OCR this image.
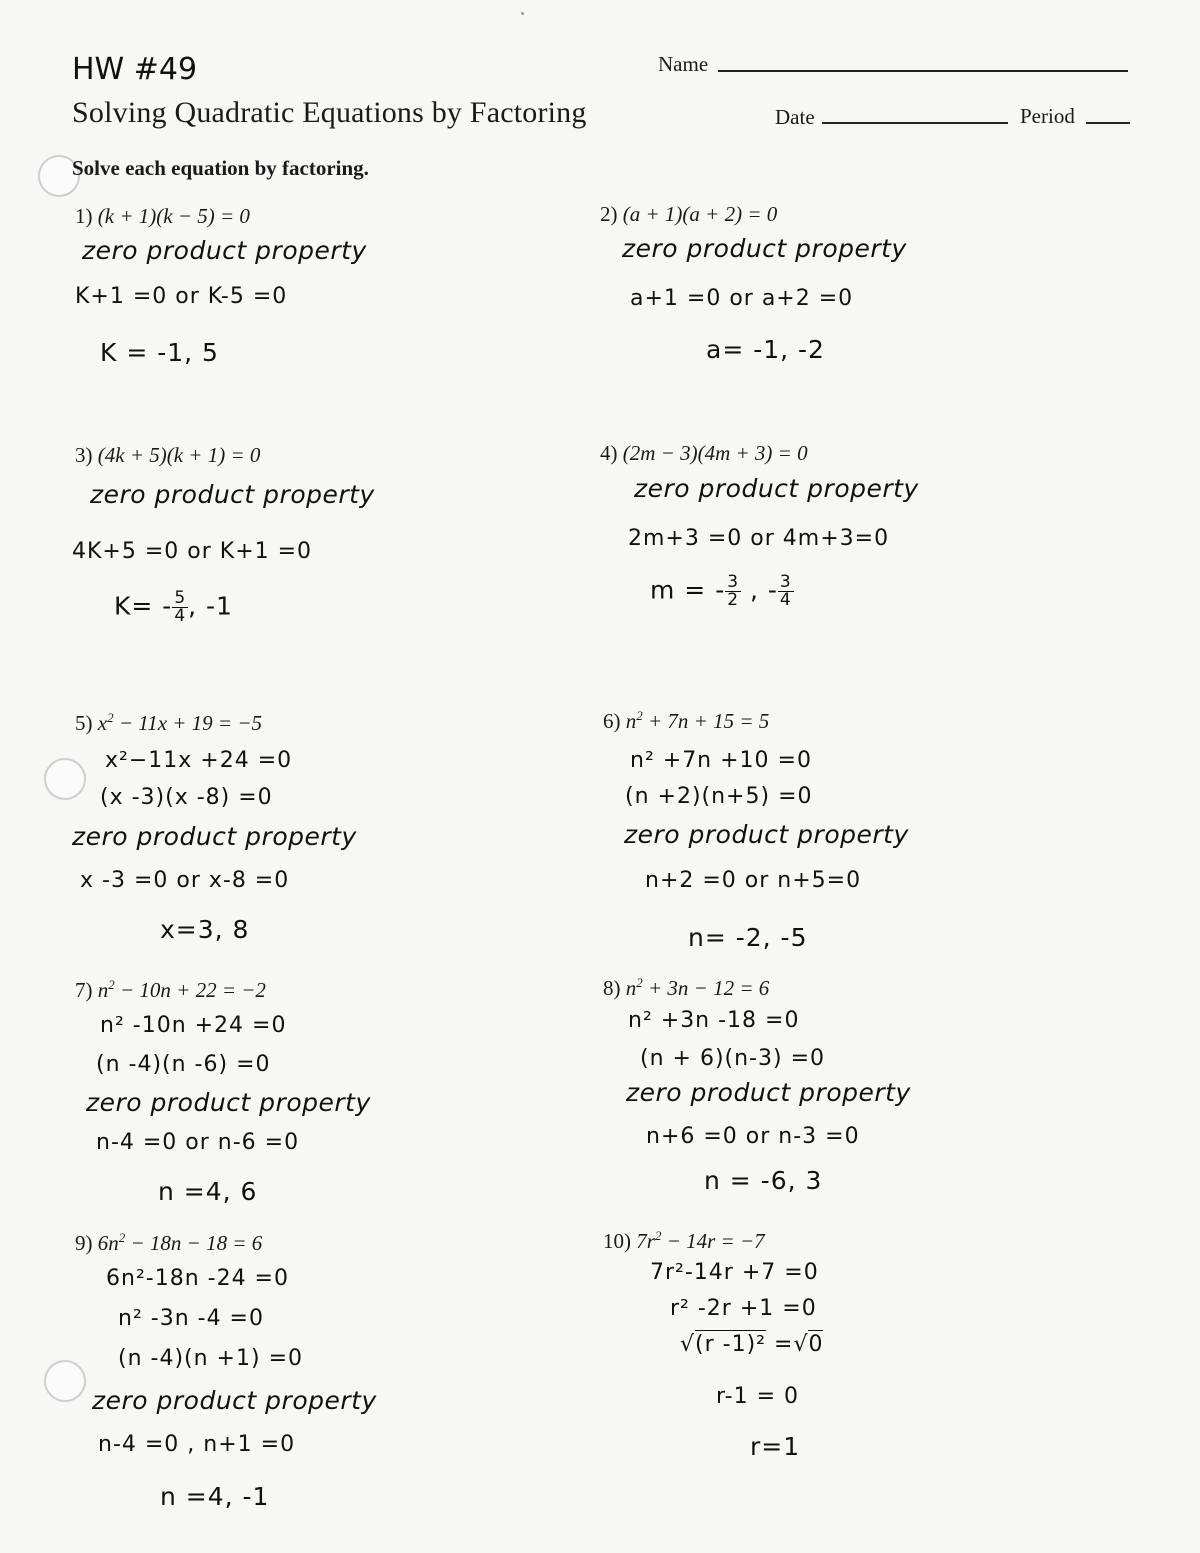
HW #49
Solving Quadratic Equations by Factoring
Name
Date	Period
Solve each equation by factoring.
1) (k + 1)(k − 5) = 0
zero product property
K+1 =0 or K-5 =0
K = -1, 5
2) (a + 1)(a + 2) = 0
zero product property
a+1 =0 or a+2 =0
a= -1, -2
3) (4k + 5)(k + 1) = 0
zero product property
4K+5 =0 or K+1 =0
$K= - \frac{5}{4}$ , -1
4) (2m − 3)(4m + 3) = 0
zero product property
2m+3 =0 or 4m+3=0
m = - $\frac{3}{2}$ , - $\frac{3}{4}$
5) $x^2 - 11x + 19 = -5$
x²−11x +24 =0
(x -3)(x -8) =0
zero product property
x -3 =0 or x-8 =0
x=3, 8
6) $n^2 + 7n + 15 = 5$
n² +7n +10 =0
(n +2)(n+5) =0
zero product property
n+2 =0 or n+5=0
n= -2, -5
7) $n^2 - 10n + 22 = -2$
n² -10n +24 =0
(n -4)(n -6) =0
zero product property
n-4 =0 or n-6 =0
n =4, 6
8) $n^2 + 3n - 12 = 6$
n² +3n -18 =0
(n + 6)(n-3) =0
zero product property
n+6 =0 or n-3 =0
n = -6, 3
9) $6n^2 - 18n - 18 = 6$
6n²-18n -24 =0
n² -3n -4 =0
(n -4)(n +1) =0
zero product property
n-4 =0 , n+1 =0
n =4, -1
10) $7r^2 - 14r = -7$
7r²-14r +7 =0
r² -2r +1 =0
√(r -1)² =√0
r-1 = 0
r=1
